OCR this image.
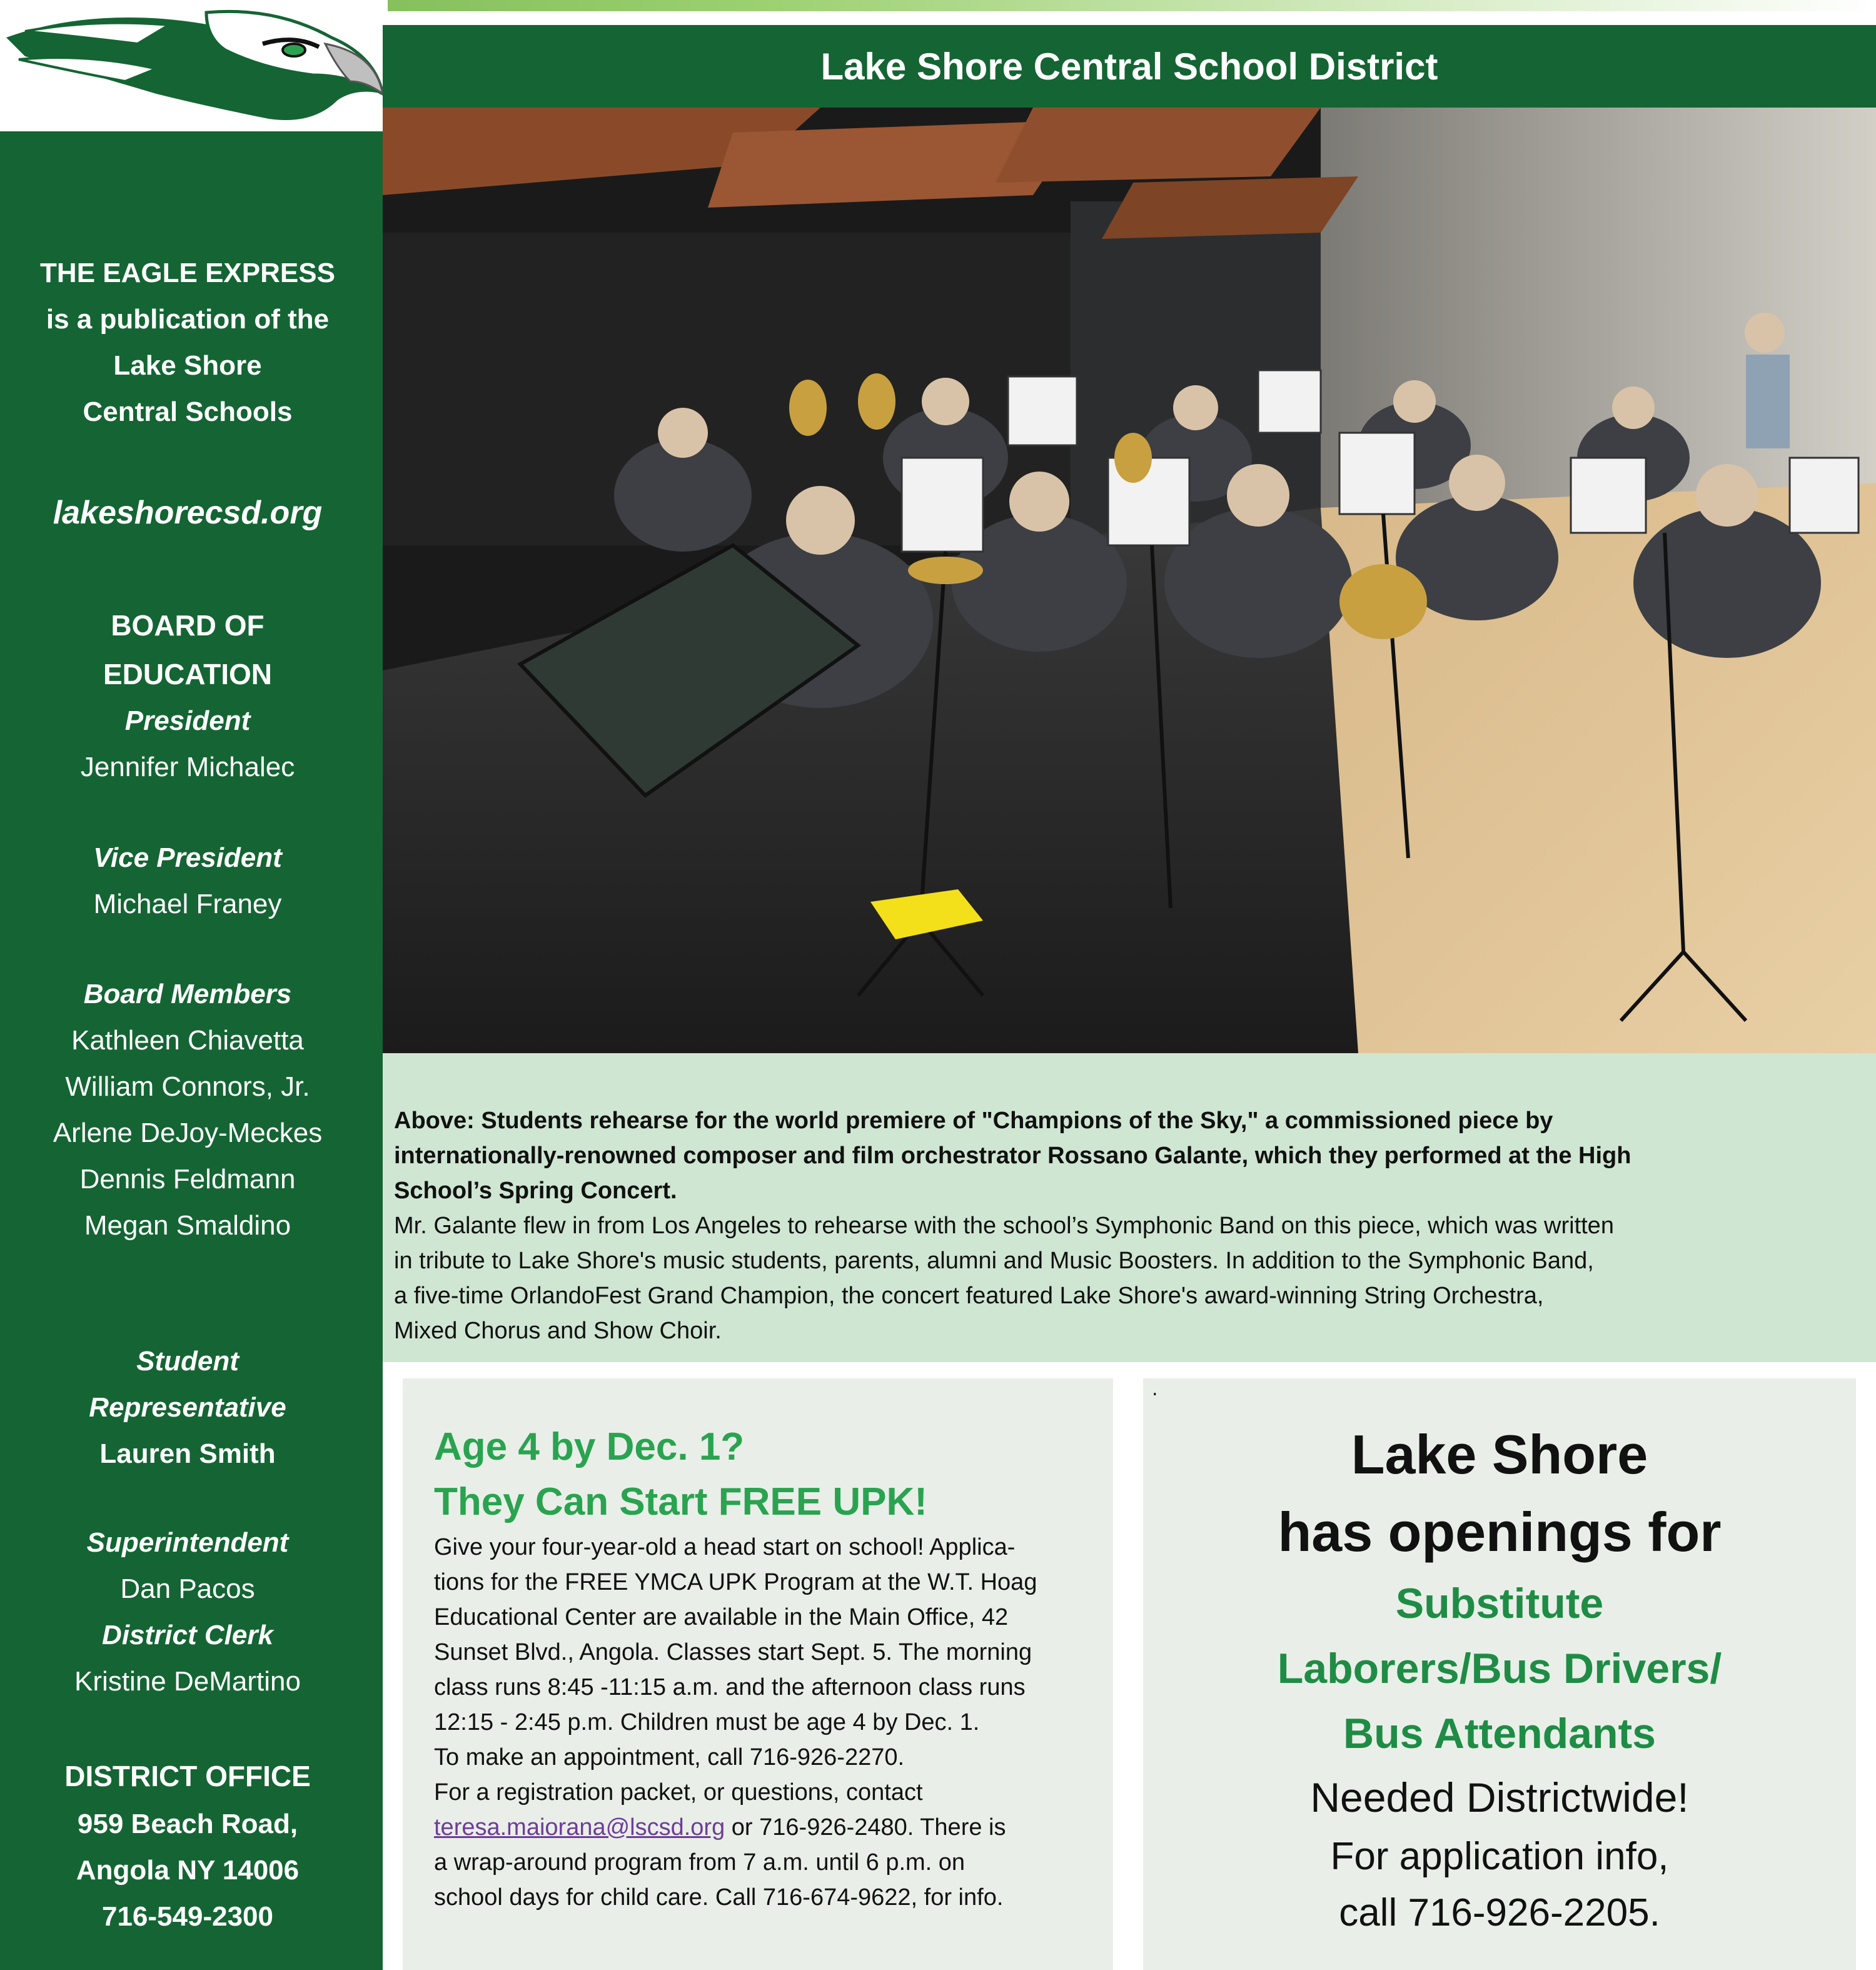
Lake Shore Central School District
THE EAGLE EXPRESS
is a publication of the
Lake Shore
Central Schools
lakeshorecsd.org
BOARD OF
EDUCATION
President
Jennifer Michalec
Vice President
Michael Franey
Board Members
Kathleen Chiavetta
William Connors, Jr.
Arlene DeJoy-Meckes
Dennis Feldmann
Megan Smaldino
Student
Representative
Lauren Smith
Superintendent
Dan Pacos
District Clerk
Kristine DeMartino
DISTRICT OFFICE
959 Beach Road,
Angola NY 14006
716-549-2300
Above: Students rehearse for the world premiere of "Champions of the Sky," a commissioned piece by
internationally-renowned composer and film orchestrator Rossano Galante, which they performed at the High
School’s Spring Concert.
Mr. Galante flew in from Los Angeles to rehearse with the school’s Symphonic Band on this piece, which was written
in tribute to Lake Shore's music students, parents, alumni and Music Boosters. In addition to the Symphonic Band,
a five-time OrlandoFest Grand Champion, the concert featured Lake Shore's award-winning String Orchestra,
Mixed Chorus and Show Choir.
Age 4 by Dec. 1?
They Can Start FREE UPK!
Give your four-year-old a head start on school! Applica-
tions for the FREE YMCA UPK Program at the W.T. Hoag
Educational Center are available in the Main Office, 42
Sunset Blvd., Angola. Classes start Sept. 5. The morning
class runs 8:45 -11:15 a.m. and the afternoon class runs
12:15 - 2:45 p.m. Children must be age 4 by Dec. 1.
To make an appointment, call 716-926-2270.
For a registration packet, or questions, contact
teresa.maiorana@lscsd.org or 716-926-2480. There is
a wrap-around program from 7 a.m. until 6 p.m. on
school days for child care. Call 716-674-9622, for info.
.
Lake Shore
has openings for
Substitute
Laborers/Bus Drivers/
Bus Attendants
Needed Districtwide!
For application info,
call 716-926-2205.
